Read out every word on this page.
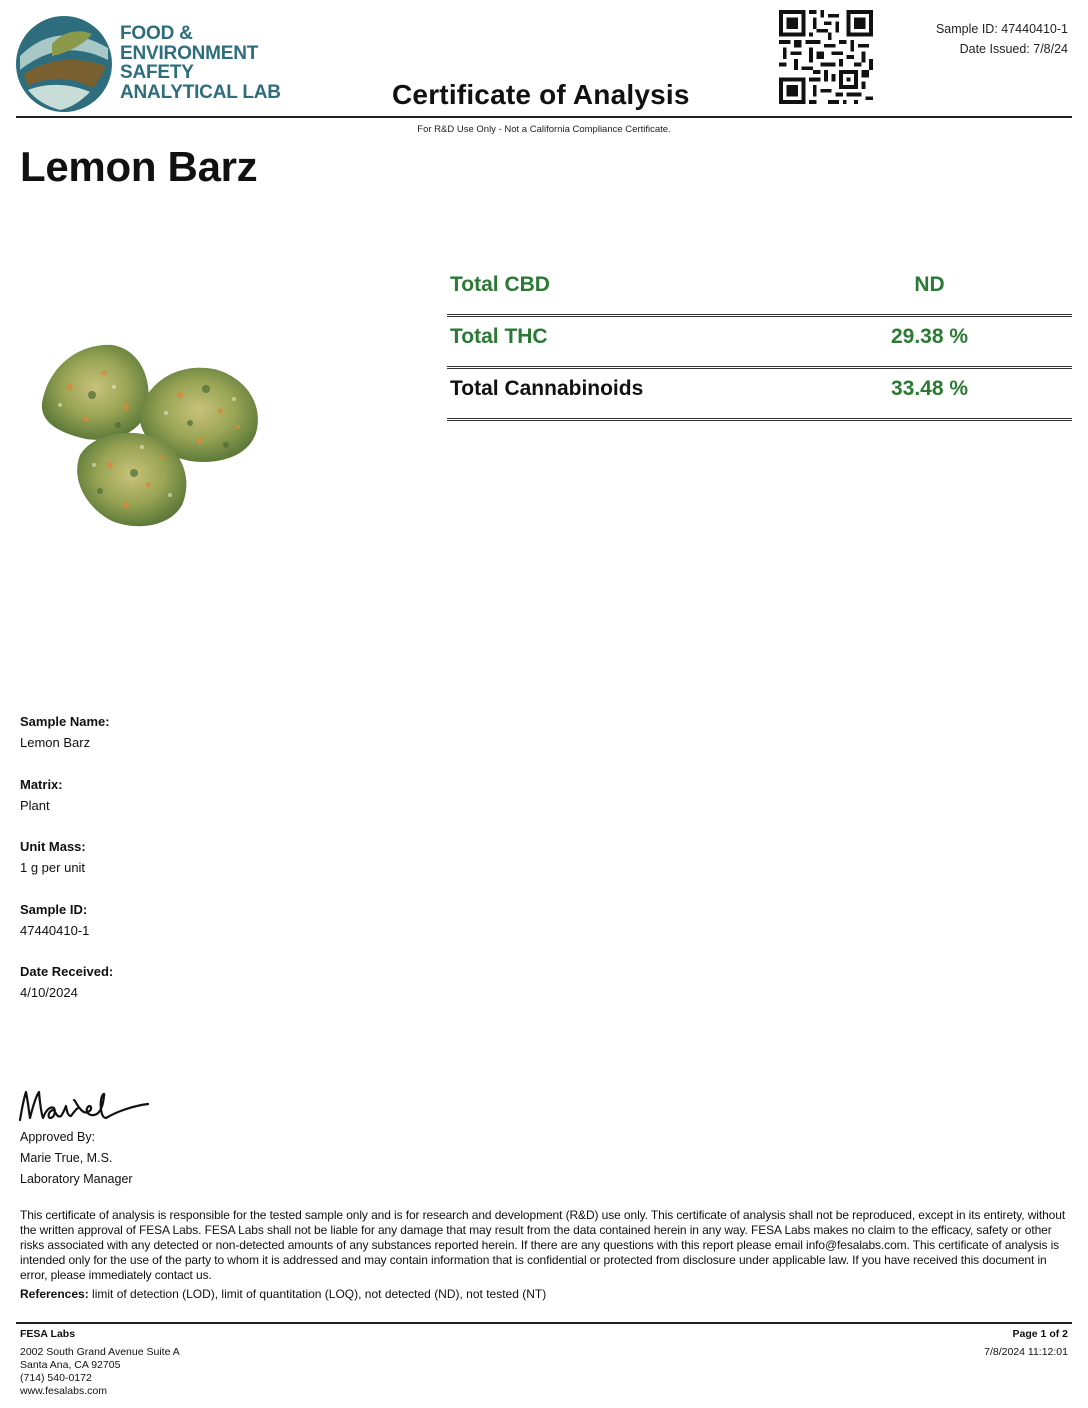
FOOD &
ENVIRONMENT
SAFETY
ANALYTICAL LAB	Certificate of Analysis
Sample ID: 47440410-1
Date Issued: 7/8/24
For R&D Use Only - Not a California Compliance Certificate.
Lemon Barz
Total CBD	ND
Total THC	29.38 %
Total Cannabinoids	33.48 %
Sample Name:
Lemon Barz
Matrix:
Plant
Unit Mass:
1 g per unit
Sample ID:
47440410-1
Date Received:
4/10/2024
Approved By:
Marie True, M.S.
Laboratory Manager
This certificate of analysis is responsible for the tested sample only and is for research and development (R&D) use only. This certificate of analysis shall not be reproduced, except in its entirety, without the written approval of FESA Labs. FESA Labs shall not be liable for any damage that may result from the data contained herein in any way. FESA Labs makes no claim to the efficacy, safety or other risks associated with any detected or non-detected amounts of any substances reported herein. If there are any questions with this report please email info@fesalabs.com. This certificate of analysis is intended only for the use of the party to whom it is addressed and may contain information that is confidential or protected from disclosure under applicable law. If you have received this document in error, please immediately contact us.
References: limit of detection (LOD), limit of quantitation (LOQ), not detected (ND), not tested (NT)
FESA Labs
2002 South Grand Avenue Suite A
Santa Ana, CA 92705
(714) 540-0172
www.fesalabs.com
Page 1 of 2
7/8/2024 11:12:01
